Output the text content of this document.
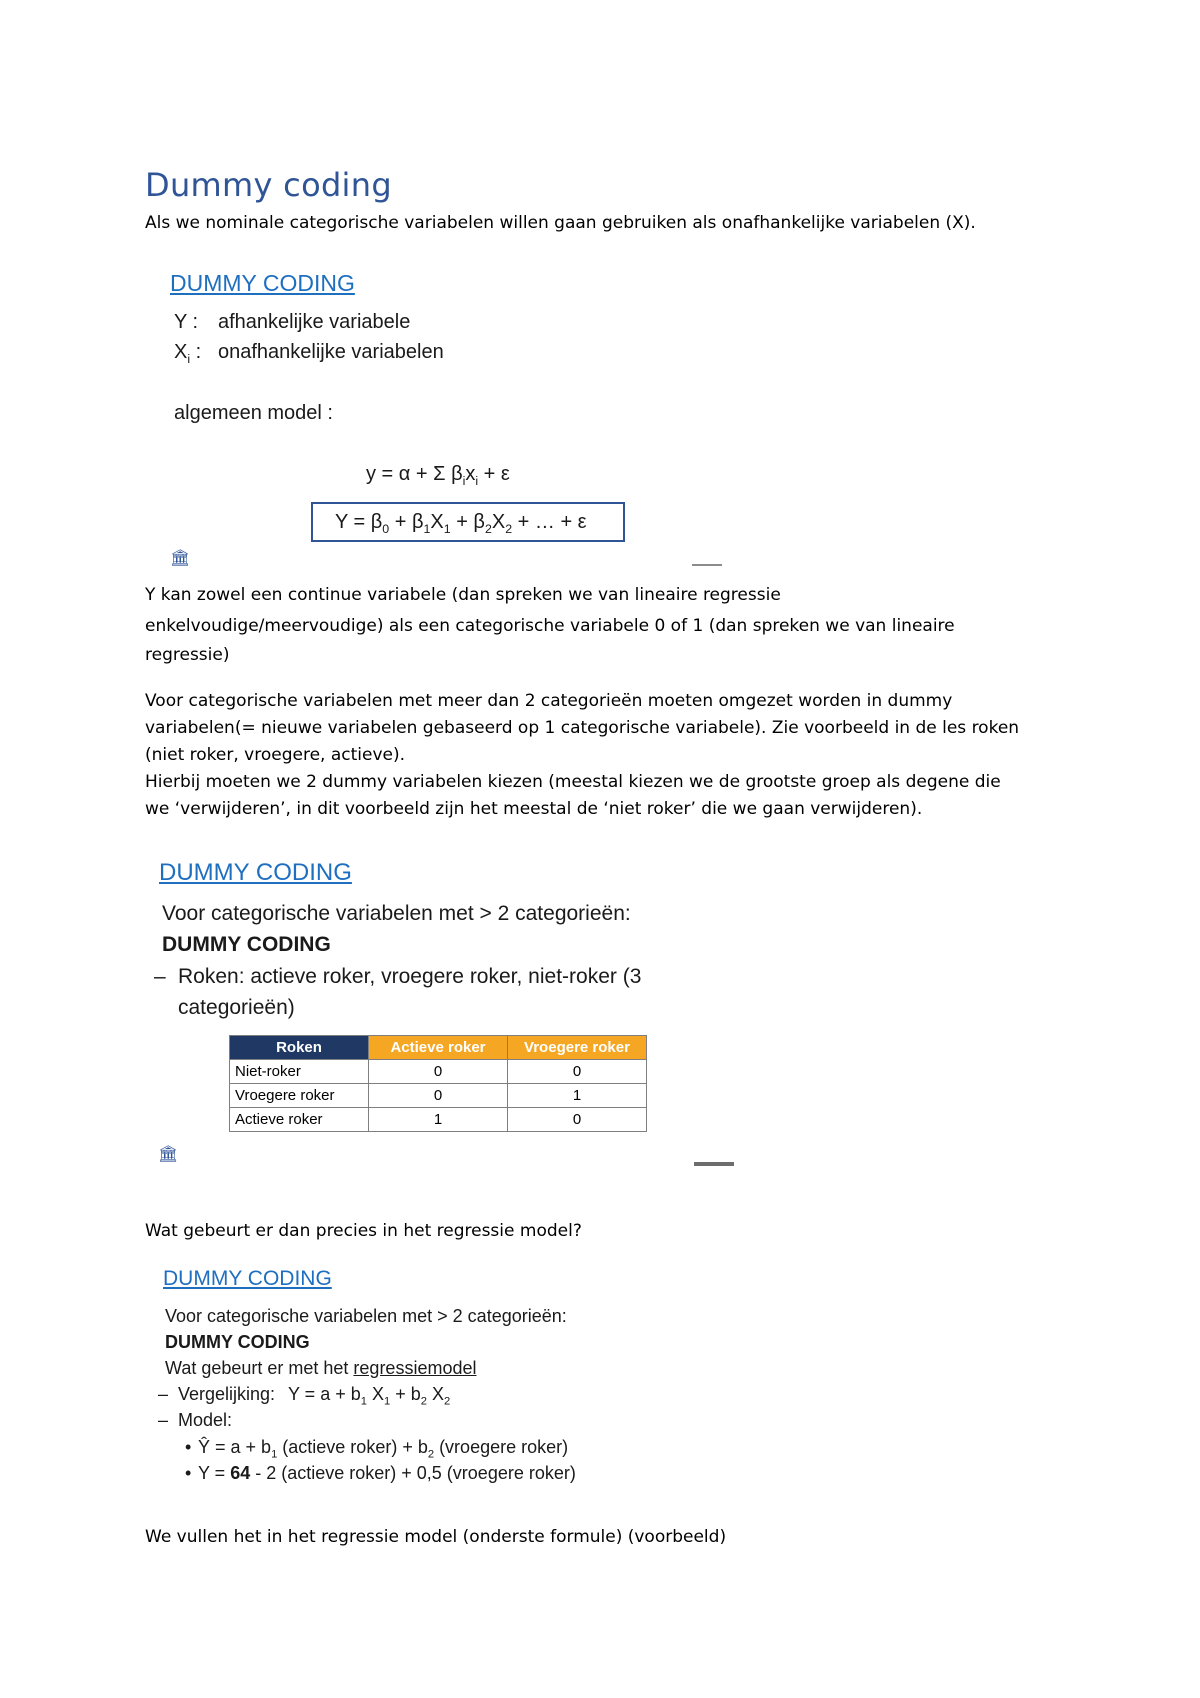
Dummy coding
Als we nominale categorische variabelen willen gaan gebruiken als onafhankelijke variabelen (X).
DUMMY CODING
Y : afhankelijke variabele
$X_i$ : onafhankelijke variabelen
algemeen model :
y = α + Σ $\beta_ix_i + \varepsilon$
$Y = \beta_0 + \beta_1X_1 + \beta_2X_2$ + … + ε
🏛
Y kan zowel een continue variabele (dan spreken we van lineaire regressie
enkelvoudige/meervoudige) als een categorische variabele 0 of 1 (dan spreken we van lineaire
regressie)
Voor categorische variabelen met meer dan 2 categorieën moeten omgezet worden in dummy
variabelen(= nieuwe variabelen gebaseerd op 1 categorische variabele). Zie voorbeeld in de les roken
(niet roker, vroegere, actieve).
Hierbij moeten we 2 dummy variabelen kiezen (meestal kiezen we de grootste groep als degene die
we ‘verwijderen’, in dit voorbeeld zijn het meestal de ‘niet roker’ die we gaan verwijderen).
DUMMY CODING
Voor categorische variabelen met > 2 categorieën:
DUMMY CODING
– Roken: actieve roker, vroegere roker, niet-roker (3
categorieën)
Roken	Actieve roker	Vroegere roker
Niet-roker	0	0
Vroegere roker	0	1
Actieve roker	1	0
🏛
Wat gebeurt er dan precies in het regressie model?
DUMMY CODING
Voor categorische variabelen met > 2 categorieën:
DUMMY CODING
Wat gebeurt er met het regressiemodel
– Vergelijking: $Y = a + b_1$ $X_1 + b_2$ $X_2$
– Model:
• Ŷ = $a + b_1$ (actieve roker) + $b_2$ (vroegere roker)
• Y = 64 - 2 (actieve roker) + 0,5 (vroegere roker)
We vullen het in het regressie model (onderste formule) (voorbeeld)
